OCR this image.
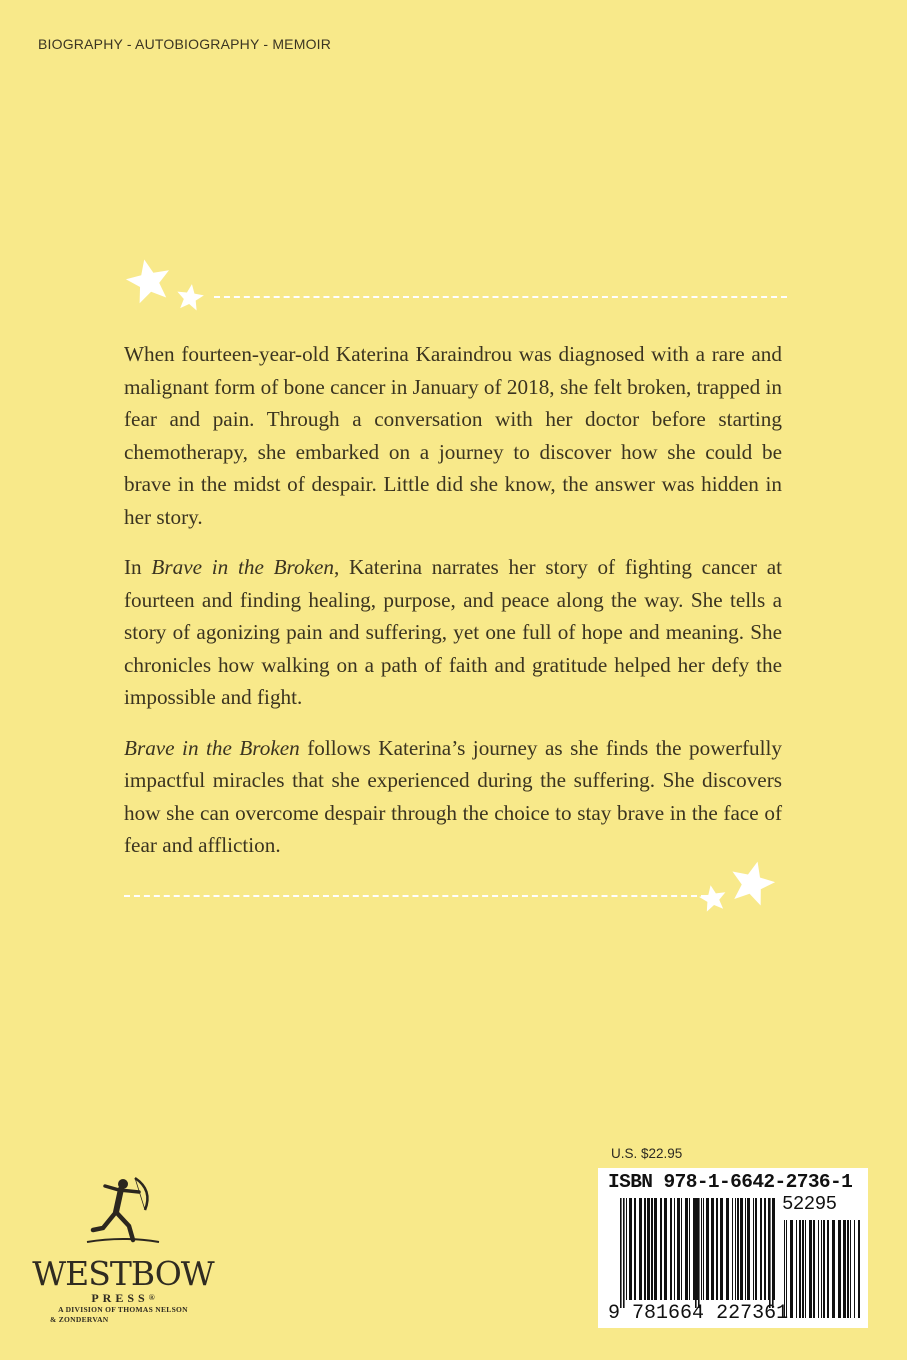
BIOGRAPHY - AUTOBIOGRAPHY - MEMOIR

When fourteen-year-old Katerina Karaindrou was diagnosed with a rare and malignant form of bone cancer in January of 2018, she felt broken, trapped in fear and pain. Through a conversation with her doctor before starting chemotherapy, she embarked on a journey to discover how she could be brave in the midst of despair. Little did she know, the answer was hidden in her story.

In Brave in the Broken, Katerina narrates her story of fighting cancer at fourteen and finding healing, purpose, and peace along the way. She tells a story of agonizing pain and suffering, yet one full of hope and meaning. She chronicles how walking on a path of faith and gratitude helped her defy the impossible and fight.

Brave in the Broken follows Katerina’s journey as she finds the powerfully impactful miracles that she experienced during the suffering. She discovers how she can overcome despair through the choice to stay brave in the face of fear and affliction.

WESTBOW
PRESS®
A DIVISION OF THOMAS NELSON
& ZONDERVAN
U.S. $22.95
ISBN 978-1-6642-2736-1
52295
9 781664 227361
